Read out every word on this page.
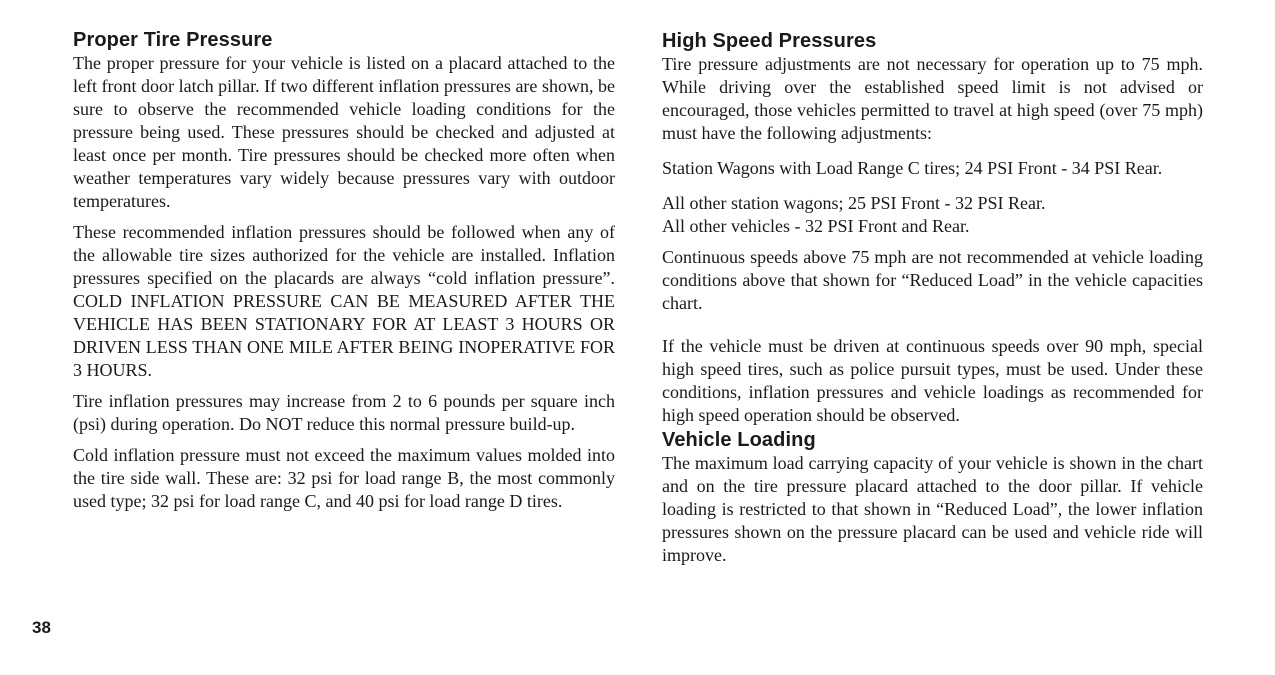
Proper Tire Pressure

The proper pressure for your vehicle is listed on a placard attached to the left front door latch pillar. If two different inflation pressures are shown, be sure to observe the recommended vehicle loading conditions for the pressure being used. These pressures should be checked and adjusted at least once per month. Tire pressures should be checked more often when weather temperatures vary widely because pressures vary with outdoor temperatures.

These recommended inflation pressures should be followed when any of the allowable tire sizes authorized for the vehicle are installed. Inflation pressures specified on the placards are always “cold inflation pressure”. COLD INFLATION PRESSURE CAN BE MEASURED AFTER THE VEHICLE HAS BEEN STATIONARY FOR AT LEAST 3 HOURS OR DRIVEN LESS THAN ONE MILE AFTER BEING INOPERATIVE FOR 3 HOURS.

Tire inflation pressures may increase from 2 to 6 pounds per square inch (psi) during operation. Do NOT reduce this normal pressure build-up.

Cold inflation pressure must not exceed the maximum values molded into the tire side wall. These are: 32 psi for load range B, the most commonly used type; 32 psi for load range C, and 40 psi for load range D tires.

High Speed Pressures

Tire pressure adjustments are not necessary for operation up to 75 mph. While driving over the established speed limit is not advised or encouraged, those vehicles permitted to travel at high speed (over 75 mph) must have the following adjustments:

Station Wagons with Load Range C tires; 24 PSI Front - 34 PSI Rear.

All other station wagons; 25 PSI Front - 32 PSI Rear.

All other vehicles - 32 PSI Front and Rear.

Continuous speeds above 75 mph are not recommended at vehicle loading conditions above that shown for “Reduced Load” in the vehicle capacities chart.

If the vehicle must be driven at continuous speeds over 90 mph, special high speed tires, such as police pursuit types, must be used. Under these conditions, inflation pressures and vehicle loadings as recommended for high speed operation should be observed.

Vehicle Loading

The maximum load carrying capacity of your vehicle is shown in the chart and on the tire pressure placard attached to the door pillar. If vehicle loading is restricted to that shown in “Reduced Load”, the lower inflation pressures shown on the pressure placard can be used and vehicle ride will improve.

38
